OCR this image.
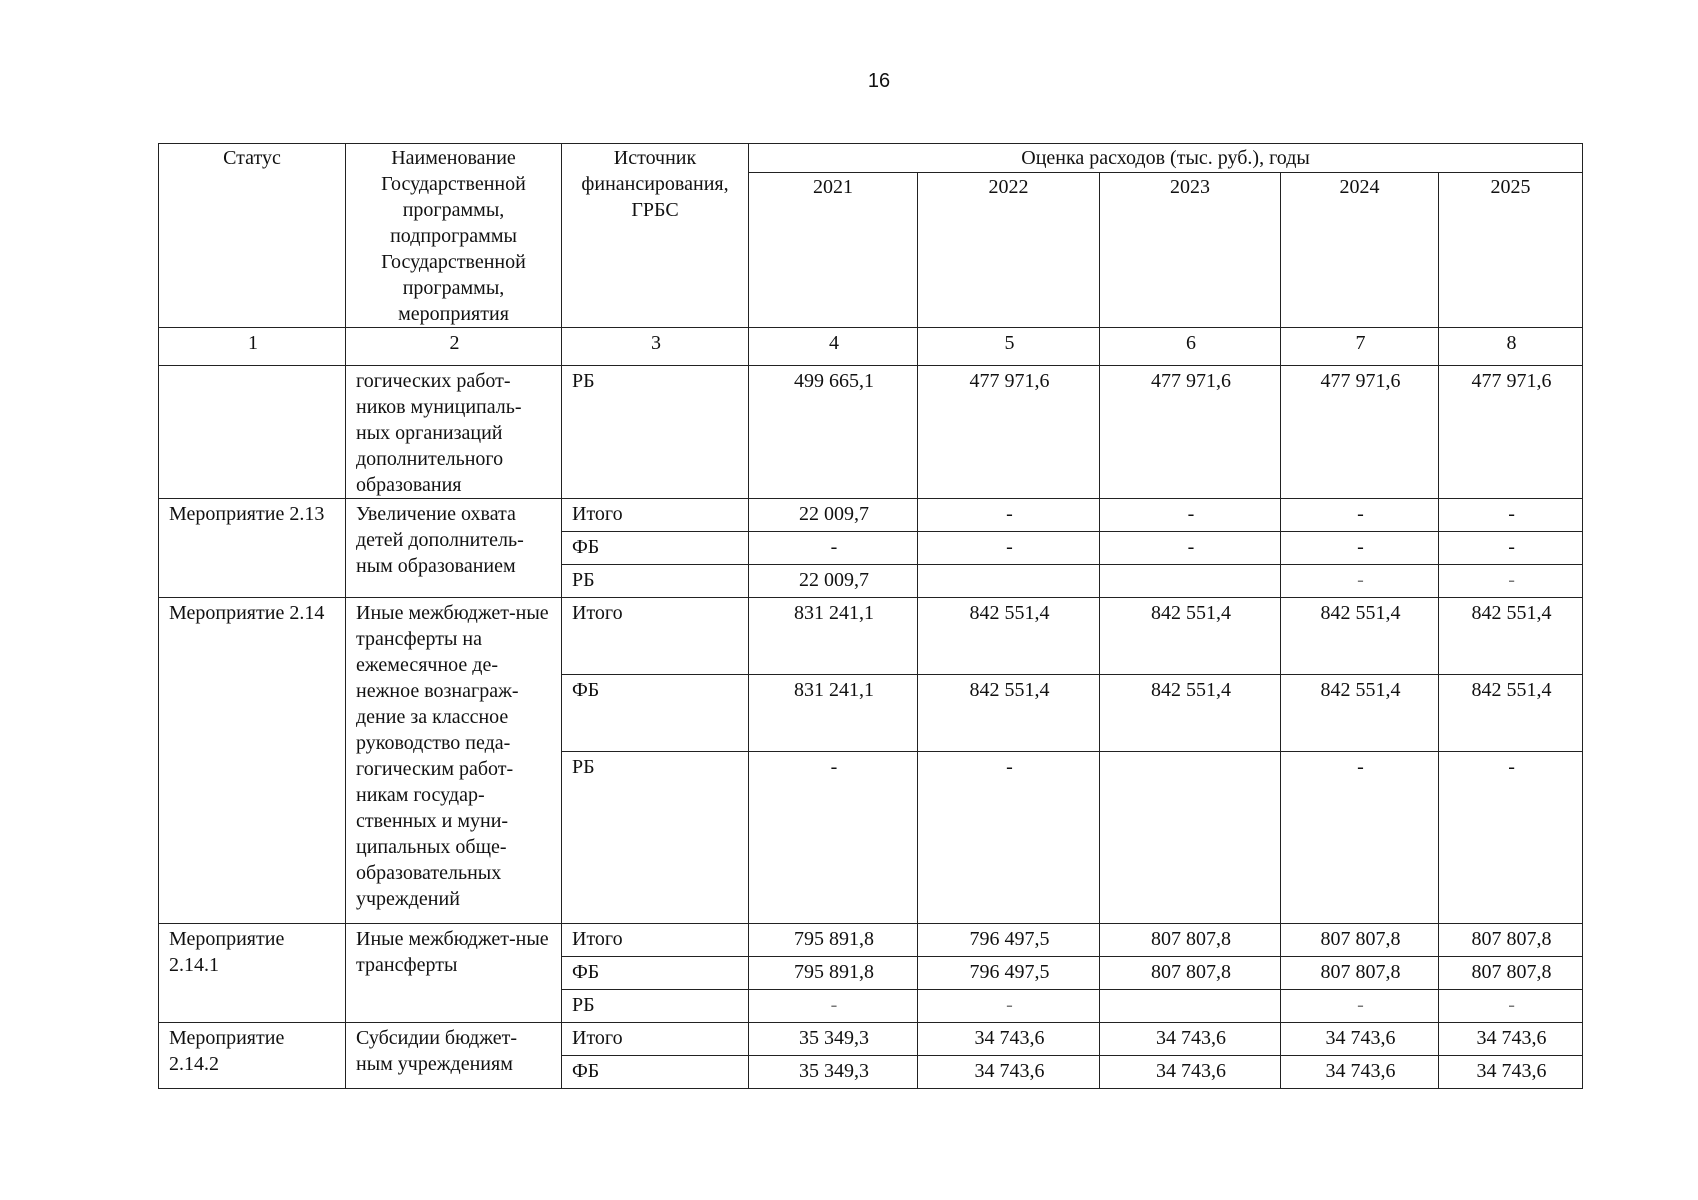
16
Статус	Наименование Государственной программы, подпрограммы Государственной программы, мероприятия	Источник финансирования, ГРБС	Оценка расходов (тыс. руб.), годы				
			2021	2022	2023	2024	2025
1	2	3	4	5	6	7	8
	гогических работ-ников муниципаль-ных организаций дополнительного образования	РБ	499 665,1	477 971,6	477 971,6	477 971,6	477 971,6
Мероприятие 2.13	Увеличение охвата детей дополнитель-ным образованием	Итого	22 009,7	-	-	-	-
		ФБ	-	-	-	-	-
		РБ	22 009,7			-	-
Мероприятие 2.14	Иные межбюджет-ные трансферты на ежемесячное де-нежное вознаграж-дение за классное руководство педа-гогическим работ-никам государ-ственных и муни-ципальных обще-образовательных учреждений	Итого	831 241,1	842 551,4	842 551,4	842 551,4	842 551,4
		ФБ	831 241,1	842 551,4	842 551,4	842 551,4	842 551,4
		РБ	-	-		-	-
Мероприятие 2.14.1	Иные межбюджет-ные трансферты	Итого	795 891,8	796 497,5	807 807,8	807 807,8	807 807,8
		ФБ	795 891,8	796 497,5	807 807,8	807 807,8	807 807,8
		РБ	-	-		-	-
Мероприятие 2.14.2	Субсидии бюджет-ным учреждениям	Итого	35 349,3	34 743,6	34 743,6	34 743,6	34 743,6
		ФБ	35 349,3	34 743,6	34 743,6	34 743,6	34 743,6
